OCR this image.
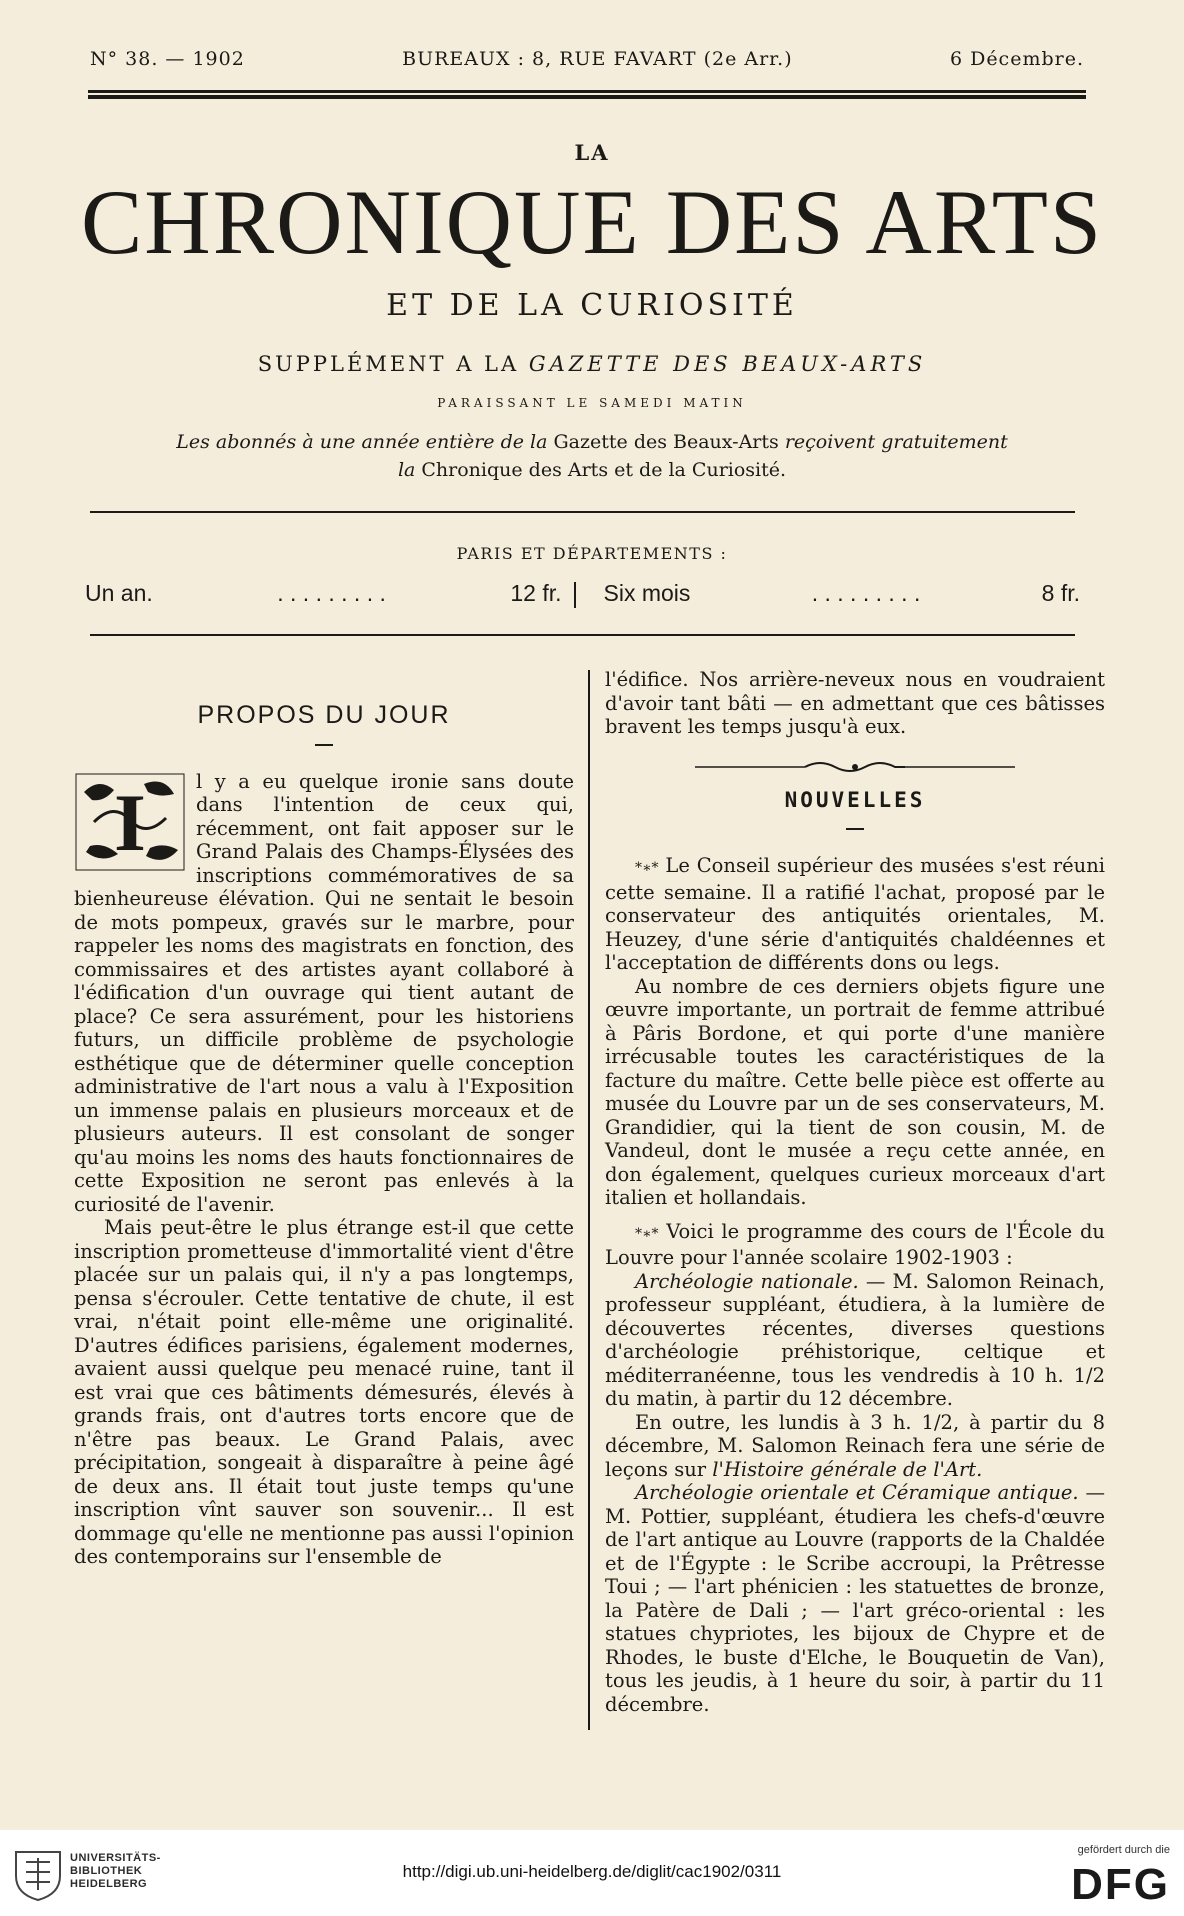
N° 38. — 1902	BUREAUX : 8, RUE FAVART (2e Arr.)	6 Décembre.
LA
CHRONIQUE DES ARTS
ET DE LA CURIOSITÉ
SUPPLÉMENT A LA GAZETTE DES BEAUX-ARTS
PARAISSANT LE SAMEDI MATIN
Les abonnés à une année entière de la Gazette des Beaux-Arts reçoivent gratuitement
la Chronique des Arts et de la Curiosité.
PARIS ET DÉPARTEMENTS :
Un an.	. . . . . . . . .	12 fr. Six mois	. . . . . . . . .	8 fr.
PROPOS DU JOUR
I	l y a eu quelque ironie sans doute dans l'intention de ceux qui, récemment, ont fait apposer sur le Grand Palais des Champs-Élysées des inscriptions commémoratives de sa bienheureuse élévation. Qui ne sentait le besoin de mots pompeux, gravés sur le marbre, pour rappeler les noms des magistrats en fonction, des commissaires et des artistes ayant collaboré à l'édification d'un ouvrage qui tient autant de place? Ce sera assurément, pour les historiens futurs, un difficile problème de psychologie esthétique que de déterminer quelle conception administrative de l'art nous a valu à l'Exposition un immense palais en plusieurs morceaux et de plusieurs auteurs. Il est consolant de songer qu'au moins les noms des hauts fonctionnaires de cette Exposition ne seront pas enlevés à la curiosité de l'avenir.

Mais peut-être le plus étrange est-il que cette inscription prometteuse d'immortalité vient d'être placée sur un palais qui, il n'y a pas longtemps, pensa s'écrouler. Cette tentative de chute, il est vrai, n'était point elle-même une originalité. D'autres édifices parisiens, également modernes, avaient aussi quelque peu menacé ruine, tant il est vrai que ces bâtiments démesurés, élevés à grands frais, ont d'autres torts encore que de n'être pas beaux. Le Grand Palais, avec précipitation, songeait à disparaître à peine âgé de deux ans. Il était tout juste temps qu'une inscription vînt sauver son souvenir... Il est dommage qu'elle ne mentionne pas aussi l'opinion des contemporains sur l'ensemble de

l'édifice. Nos arrière-neveux nous en voudraient d'avoir tant bâti — en admettant que ces bâtisses bravent les temps jusqu'à eux.

NOUVELLES

*∗* Le Conseil supérieur des musées s'est réuni cette semaine. Il a ratifié l'achat, proposé par le conservateur des antiquités orientales, M. Heuzey, d'une série d'antiquités chaldéennes et l'acceptation de différents dons ou legs.

Au nombre de ces derniers objets figure une œuvre importante, un portrait de femme attribué à Pâris Bordone, et qui porte d'une manière irrécusable toutes les caractéristiques de la facture du maître. Cette belle pièce est offerte au musée du Louvre par un de ses conservateurs, M. Grandidier, qui la tient de son cousin, M. de Vandeul, dont le musée a reçu cette année, en don également, quelques curieux morceaux d'art italien et hollandais.

*∗* Voici le programme des cours de l'École du Louvre pour l'année scolaire 1902-1903 :

Archéologie nationale. — M. Salomon Reinach, professeur suppléant, étudiera, à la lumière de découvertes récentes, diverses questions d'archéologie préhistorique, celtique et méditerranéenne, tous les vendredis à 10 h. 1/2 du matin, à partir du 12 décembre.

En outre, les lundis à 3 h. 1/2, à partir du 8 décembre, M. Salomon Reinach fera une série de leçons sur l'Histoire générale de l'Art.

Archéologie orientale et Céramique antique. — M. Pottier, suppléant, étudiera les chefs-d'œuvre de l'art antique au Louvre (rapports de la Chaldée et de l'Égypte : le Scribe accroupi, la Prêtresse Toui ; — l'art phénicien : les statuettes de bronze, la Patère de Dali ; — l'art gréco-oriental : les statues chypriotes, les bijoux de Chypre et de Rhodes, le buste d'Elche, le Bouquetin de Van), tous les jeudis, à 1 heure du soir, à partir du 11 décembre.

UNIVERSITÄTS-
BIBLIOTHEK
HEIDELBERG
http://digi.ub.uni-heidelberg.de/diglit/cac1902/0311
gefördert durch die
DFG
